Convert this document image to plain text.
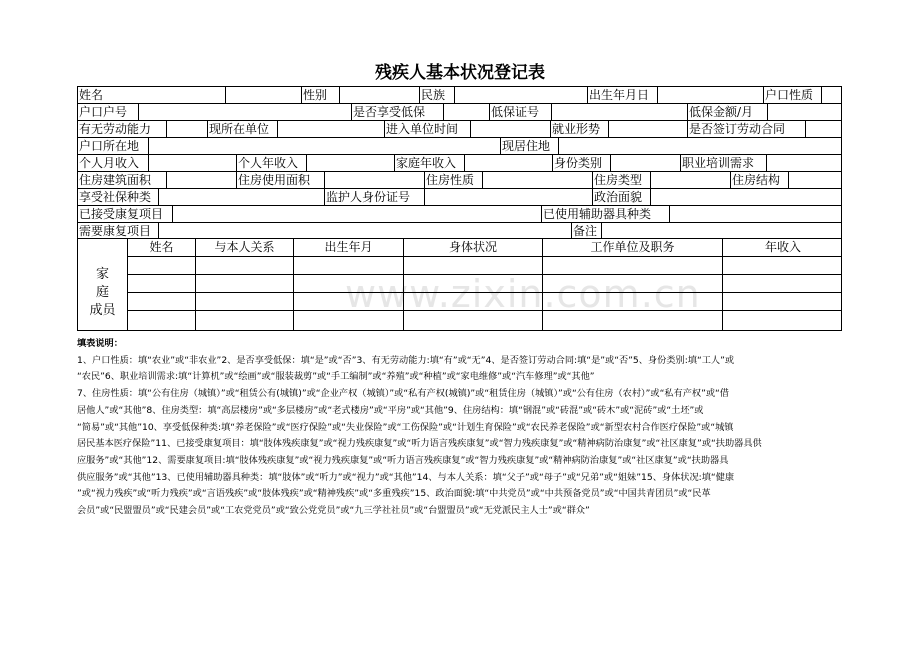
残疾人基本状况登记表
www.zixin.com.cn
姓名	性别	民族	出生年月日	户口性质
户口户号	是否享受低保	低保证号	低保金额/月
有无劳动能力	现所在单位	进入单位时间	就业形势	是否签订劳动合同
户口所在地	现居住地
个人月收入	个人年收入	家庭年收入	身份类别	职业培训需求
住房建筑面积	住房使用面积	住房性质	住房类型	住房结构
享受社保种类	监护人身份证号	政治面貌
已接受康复项目	已使用辅助器具种类
需要康复项目	备注
家
庭
成员
姓名	与本人关系	出生年月	身体状况	工作单位及职务	年收入

填表说明：

1、户口性质：填“农业”或“非农业”2、是否享受低保：填“是”或“否”3、有无劳动能力:填“有”或“无”4、是否签订劳动合同:填“是”或“否”5、身份类别:填“工人”或

“农民”6、职业培训需求:填“计算机”或“绘画”或“服装裁剪”或“手工编制”或“养殖”或“种植”或“家电维修”或“汽车修理”或“其他”

7、住房性质：填“公有住房（城镇）”或“租赁公有(城镇)”或“企业产权（城镇）”或“私有产权(城镇)”或“租赁住房（城镇）”或“公有住房（农村）”或“私有产权”或“借

居他人”或“其他”8、住房类型：填“高层楼房”或“多层楼房”或“老式楼房”或“平房”或“其他”9、住房结构：填“钢混”或“砖混”或“砖木”或“泥砖”或“土坯”或

“简易”或“其他”10、享受低保种类:填“养老保险”或“医疗保险”或“失业保险”或“工伤保险”或“计划生育保险”或“农民养老保险”或“新型农村合作医疗保险”或“城镇

居民基本医疗保险”11、已接受康复项目：填“肢体残疾康复”或“视力残疾康复”或“听力语言残疾康复”或“智力残疾康复”或“精神病防治康复”或“社区康复”或“扶助器具供

应服务”或“其他”12、需要康复项目:填“肢体残疾康复”或“视力残疾康复”或“听力语言残疾康复”或“智力残疾康复”或“精神病防治康复”或“社区康复”或“扶助器具

供应服务”或“其他”13、已使用辅助器具种类：填“肢体”或“听力”或“视力”或“其他”14、与本人关系：填“父子”或“母子”或“兄弟”或“姐妹”15、身体状况:填“健康

”或“视力残疾”或“听力残疾”或“言语残疾”或“肢体残疾”或“精神残疾”或“多重残疾”15、政治面貌:填“中共党员”或“中共预备党员”或“中国共青团员”或“民革

会员”或“民盟盟员”或“民建会员”或“工农党党员”或“致公党党员”或“九三学社社员”或“台盟盟员”或“无党派民主人士”或“群众”
